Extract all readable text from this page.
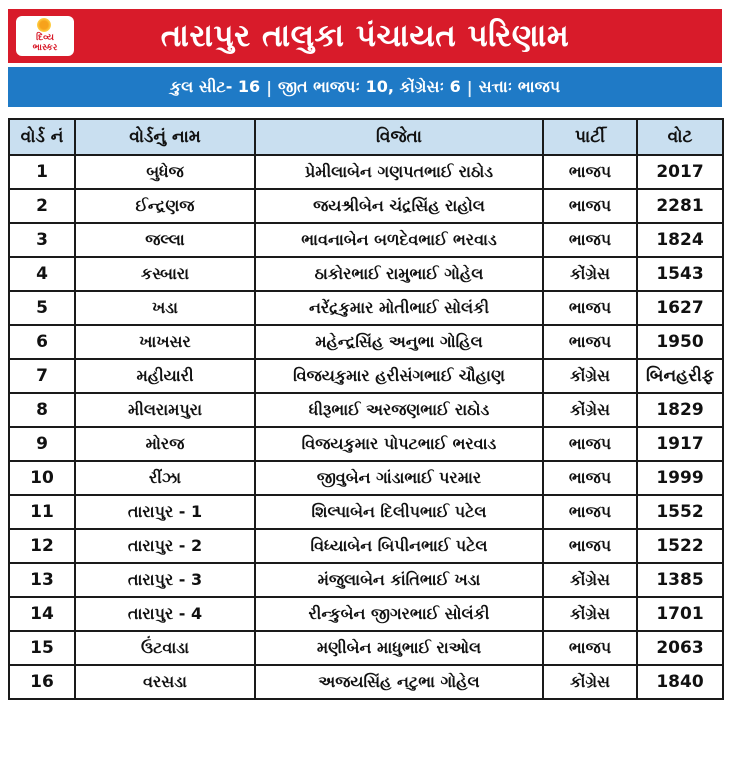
દિવ્ય
ભાસ્કર	તારાપુર તાલુકા પંચાયત પરિણામ
કુલ સીટ- 16 | જીત ભાજપઃ 10, કોંગ્રેસઃ 6 | સત્તાઃ ભાજપ
વોર્ડ નં	વોર્ડનું નામ	વિજેતા	પાર્ટી	વોટ
1	બુધેજ	પ્રેમીલાબેન ગણપતભાઈ રાઠોડ	ભાજપ	2017
2	ઈન્દ્રણજ	જયશ્રીબેન ચંદ્રસિંહ રાહોલ	ભાજપ	2281
3	જલ્લા	ભાવનાબેન બળદેવભાઈ ભરવાડ	ભાજપ	1824
4	કસ્બારા	ઠાકોરભાઈ રામુભાઈ ગોહેલ	કોંગ્રેસ	1543
5	ખડા	નરેંદ્રકુમાર મોતીભાઈ સોલંકી	ભાજપ	1627
6	ખાખસર	મહેન્દ્રસિંહ અનુભા ગોહિલ	ભાજપ	1950
7	મહીયારી	વિજયકુમાર હરીસંગભાઈ ચૌહાણ	કોંગ્રેસ	બિનહરીફ
8	મીલરામપુરા	ધીરૂભાઈ અરજણભાઈ રાઠોડ	કોંગ્રેસ	1829
9	મોરજ	વિજયકુમાર પોપટભાઈ ભરવાડ	ભાજપ	1917
10	રીંઝા	જીવુબેન ગાંડાભાઈ પરમાર	ભાજપ	1999
11	તારાપુર - 1	શિલ્પાબેન દિલીપભાઈ પટેલ	ભાજપ	1552
12	તારાપુર - 2	વિધ્યાબેન બિપીનભાઈ પટેલ	ભાજપ	1522
13	તારાપુર - 3	મંજુલાબેન કાંતિભાઈ ખડા	કોંગ્રેસ	1385
14	તારાપુર - 4	રીન્કુબેન જીગરભાઈ સોલંકી	કોંગ્રેસ	1701
15	ઉંટવાડા	મણીબેન માધુભાઈ રાઓલ	ભાજપ	2063
16	વરસડા	અજયસિંહ નટુભા ગોહેલ	કોંગ્રેસ	1840
